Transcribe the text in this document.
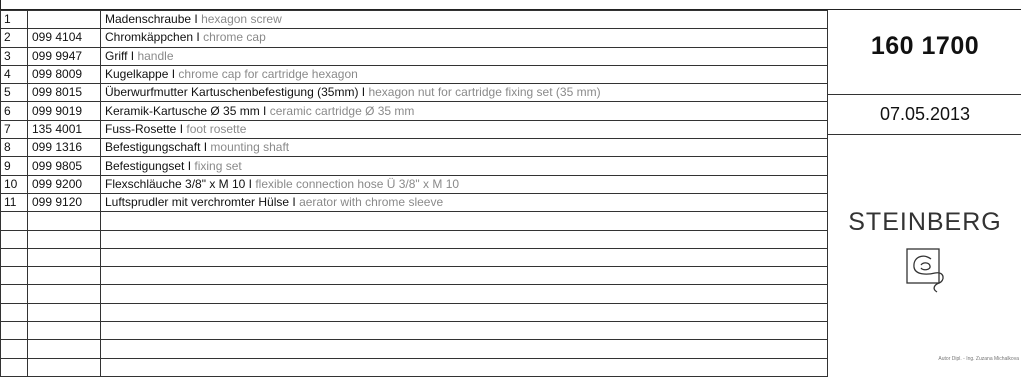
1		Madenschraube I hexagon screw
2	099 4104	Chromkäppchen I chrome cap
3	099 9947	Griff I handle
4	099 8009	Kugelkappe I chrome cap for cartridge hexagon
5	099 8015	Überwurfmutter Kartuschenbefestigung (35mm) I hexagon nut for cartridge fixing set (35 mm)
6	099 9019	Keramik-Kartusche Ø 35 mm I ceramic cartridge Ø 35 mm
7	135 4001	Fuss-Rosette I foot rosette
8	099 1316	Befestigungschaft I mounting shaft
9	099 9805	Befestigungset I fixing set
10	099 9200	Flexschläuche 3/8" x M 10 I flexible connection hose Ü 3/8" x M 10
11	099 9120	Luftsprudler mit verchromter Hülse I aerator with chrome sleeve

160 1700
07.05.2013
STEINBERG
Autor Dipl. - Ing. Zuzana Michalkova
